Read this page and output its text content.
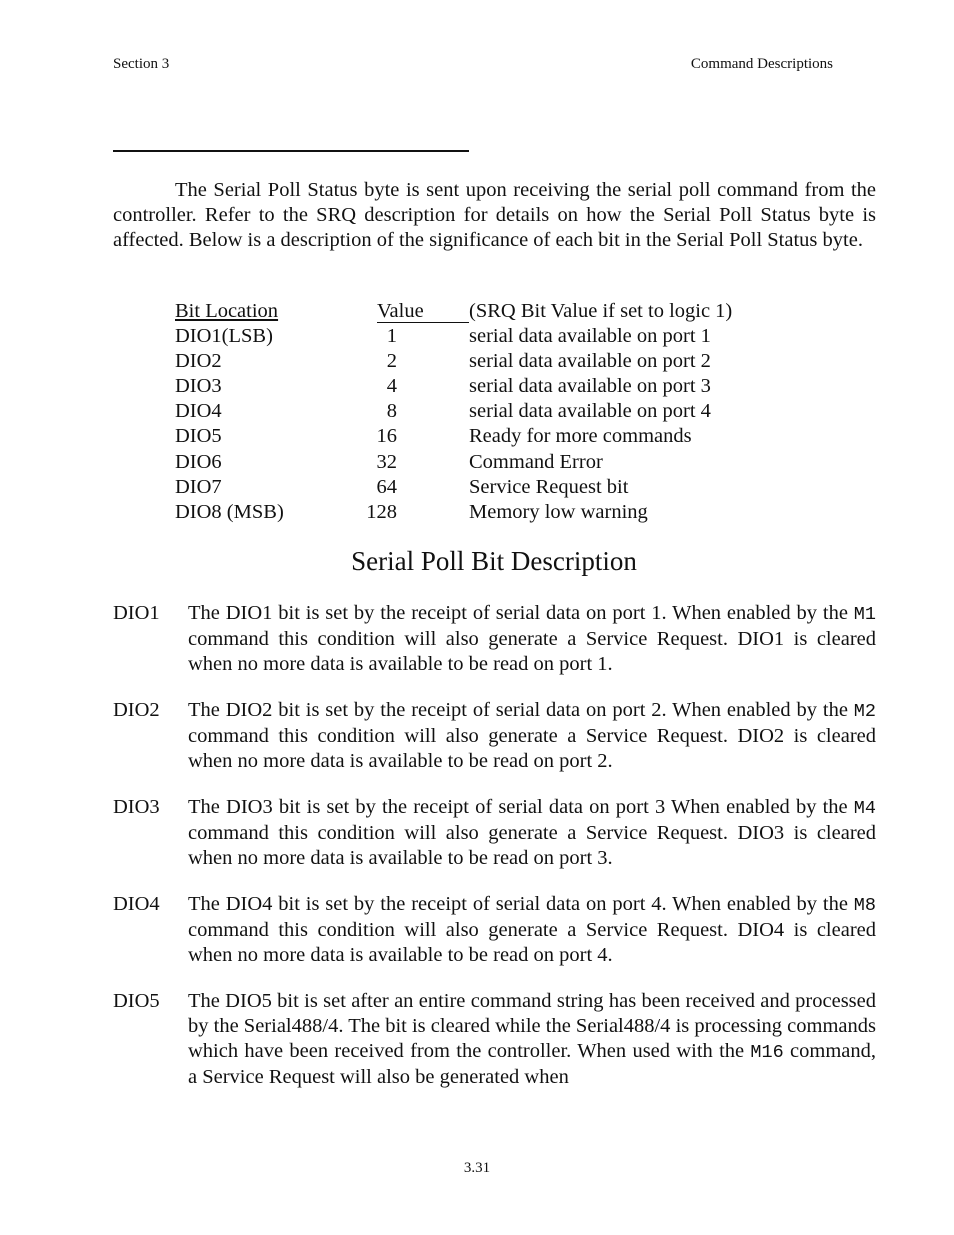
Section 3	Command Descriptions

The Serial Poll Status byte is sent upon receiving the serial poll command from the controller. Refer to the SRQ description for details on how the Serial Poll Status byte is affected. Below is a description of the significance of each bit in the Serial Poll Status byte.

Bit Location	Value	(SRQ Bit Value if set to logic 1)
DIO1(LSB)	1	serial data available on port 1
DIO2	2	serial data available on port 2
DIO3	4	serial data available on port 3
DIO4	8	serial data available on port 4
DIO5	16	Ready for more commands
DIO6	32	Command Error
DIO7	64	Service Request bit
DIO8 (MSB)	128	Memory low warning
Serial Poll Bit Description
DIO1 The DIO1 bit is set by the receipt of serial data on port 1. When enabled by the M1 command this condition will also generate a Service Request. DIO1 is cleared when no more data is available to be read on port 1.

DIO2 The DIO2 bit is set by the receipt of serial data on port 2. When enabled by the M2 command this condition will also generate a Service Request. DIO2 is cleared when no more data is available to be read on port 2.

DIO3 The DIO3 bit is set by the receipt of serial data on port 3 When enabled by the M4 command this condition will also generate a Service Request. DIO3 is cleared when no more data is available to be read on port 3.

DIO4 The DIO4 bit is set by the receipt of serial data on port 4. When enabled by the M8 command this condition will also generate a Service Request. DIO4 is cleared when no more data is available to be read on port 4.

DIO5 The DIO5 bit is set after an entire command string has been received and processed by the Serial488/4. The bit is cleared while the Serial488/4 is processing commands which have been received from the controller. When used with the M16 command, a Service Request will also be generated when

3.31
